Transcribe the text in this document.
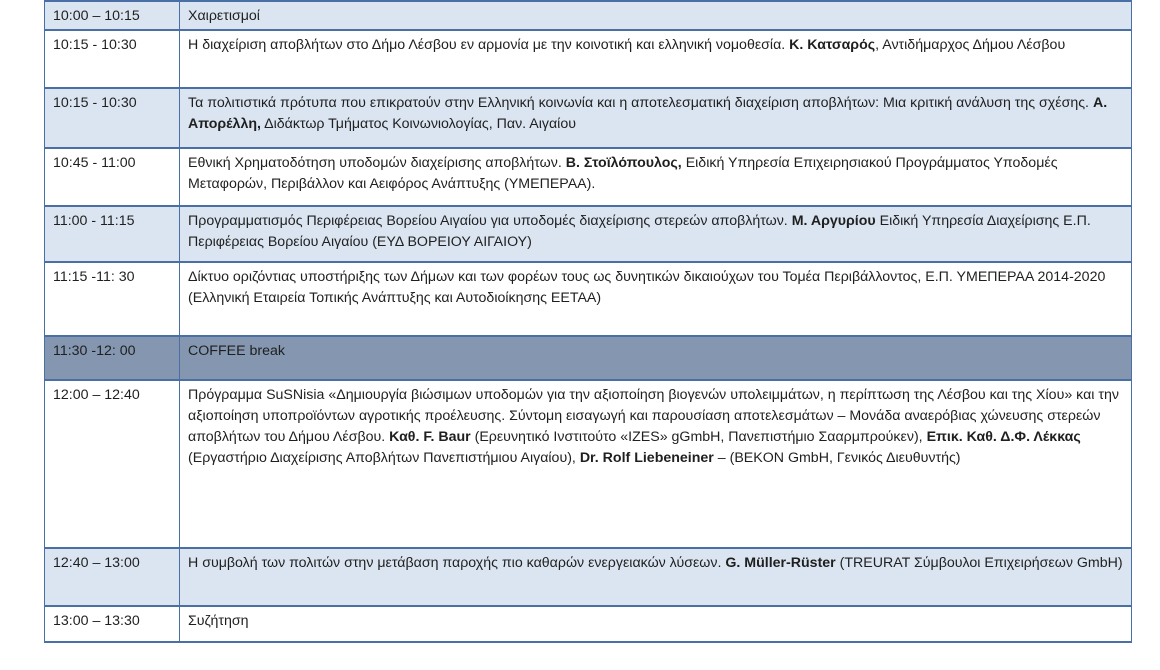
10:00 – 10:15	Χαιρετισμοί
10:15 - 10:30	Η διαχείριση αποβλήτων στο Δήμο Λέσβου εν αρμονία με την κοινοτική και ελληνική νομοθεσία. Κ. Κατσαρός, Αντιδήμαρχος Δήμου Λέσβου
10:15 - 10:30	Τα πολιτιστικά πρότυπα που επικρατούν στην Ελληνική κοινωνία και η αποτελεσματική διαχείριση αποβλήτων: Μια κριτική ανάλυση της σχέσης. Α. Απορέλλη, Διδάκτωρ Τμήματος Κοινωνιολογίας, Παν. Αιγαίου
10:45 - 11:00	Εθνική Χρηματοδότηση υποδομών διαχείρισης αποβλήτων. Β. Στοϊλόπουλος, Ειδική Υπηρεσία Επιχειρησιακού Προγράμματος Υποδομές Μεταφορών, Περιβάλλον και Αειφόρος Ανάπτυξης (ΥΜΕΠΕΡΑΑ).
11:00 - 11:15	Προγραμματισμός Περιφέρειας Βορείου Αιγαίου για υποδομές διαχείρισης στερεών αποβλήτων. Μ. Αργυρίου Ειδική Υπηρεσία Διαχείρισης Ε.Π. Περιφέρειας Βορείου Αιγαίου (ΕΥΔ ΒΟΡΕΙΟΥ ΑΙΓΑΙΟΥ)
11:15 -11: 30	Δίκτυο οριζόντιας υποστήριξης των Δήμων και των φορέων τους ως δυνητικών δικαιούχων του Τομέα Περιβάλλοντος, Ε.Π. ΥΜΕΠΕΡΑΑ 2014-2020 (Ελληνική Εταιρεία Τοπικής Ανάπτυξης και Αυτοδιοίκησης ΕΕΤΑΑ)
11:30 -12: 00	COFFEE break
12:00 – 12:40	Πρόγραμμα SuSNisia «Δημιουργία βιώσιμων υποδομών για την αξιοποίηση βιογενών υπολειμμάτων, η περίπτωση της Λέσβου και της Χίου» και την αξιοποίηση υποπροϊόντων αγροτικής προέλευσης. Σύντομη εισαγωγή και παρουσίαση αποτελεσμάτων – Μονάδα αναερόβιας χώνευσης στερεών αποβλήτων του Δήμου Λέσβου. Καθ. F. Baur (Ερευνητικό Ινστιτούτο «IZES» gGmbH, Πανεπιστήμιο Σααρμπρούκεν), Επικ. Καθ. Δ.Φ. Λέκκας (Εργαστήριο Διαχείρισης Αποβλήτων Πανεπιστήμιου Αιγαίου), Dr. Rolf Liebeneiner – (BEKON GmbH, Γενικός Διευθυντής)
12:40 – 13:00	Η συμβολή των πολιτών στην μετάβαση παροχής πιο καθαρών ενεργειακών λύσεων. G. Müller-Rüster (TREURAT Σύμβουλοι Επιχειρήσεων GmbH)
13:00 – 13:30	Συζήτηση
